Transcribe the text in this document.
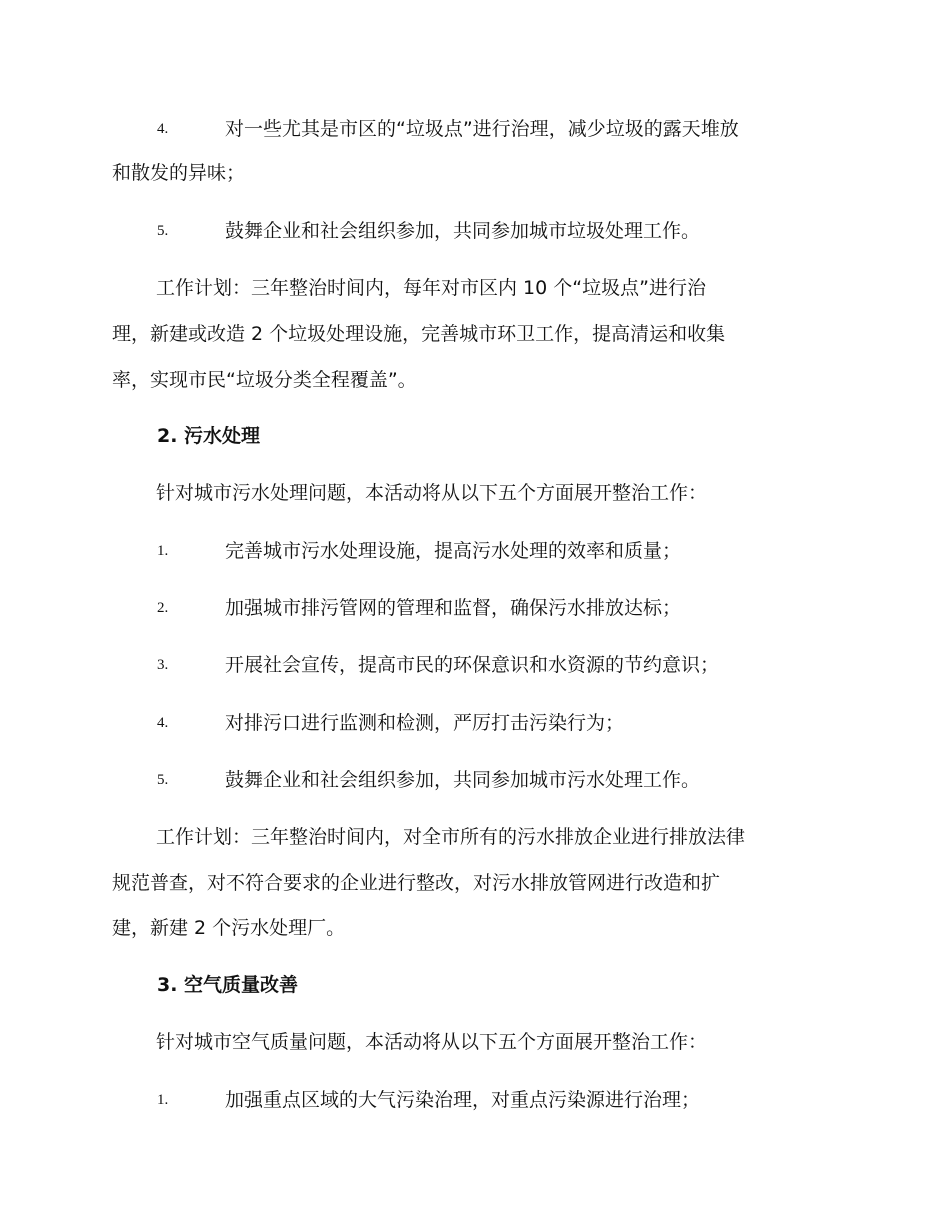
4.	对一些尤其是市区的“垃圾点”进行治理，减少垃圾的露天堆放
和散发的异味；
5.	鼓舞企业和社会组织参加，共同参加城市垃圾处理工作。
工作计划：三年整治时间内，每年对市区内 10 个“垃圾点”进行治
理，新建或改造 2 个垃圾处理设施，完善城市环卫工作，提高清运和收集
率，实现市民“垃圾分类全程覆盖”。
2. 污水处理
针对城市污水处理问题，本活动将从以下五个方面展开整治工作：
1.	完善城市污水处理设施，提高污水处理的效率和质量；
2.	加强城市排污管网的管理和监督，确保污水排放达标；
3.	开展社会宣传，提高市民的环保意识和水资源的节约意识；
4.	对排污口进行监测和检测，严厉打击污染行为；
5.	鼓舞企业和社会组织参加，共同参加城市污水处理工作。
工作计划：三年整治时间内，对全市所有的污水排放企业进行排放法律
规范普查，对不符合要求的企业进行整改，对污水排放管网进行改造和扩
建，新建 2 个污水处理厂。
3. 空气质量改善
针对城市空气质量问题，本活动将从以下五个方面展开整治工作：
1.	加强重点区域的大气污染治理，对重点污染源进行治理；
